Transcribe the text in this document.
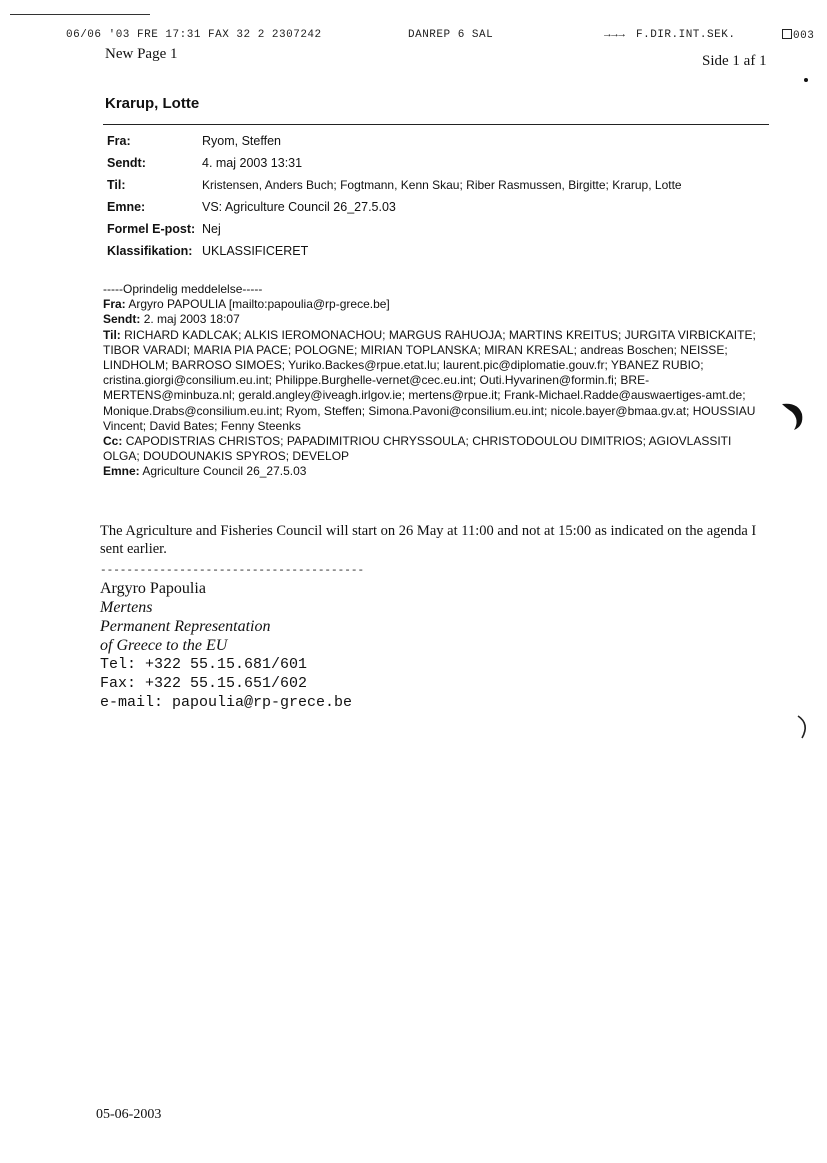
06/06 '03 FRE 17:31 FAX 32 2 2307242	DANREP 6 SAL	→→→ F.DIR.INT.SEK.	003
New Page 1	Side 1 af 1
Krarup, Lotte
Fra:	Ryom, Steffen
Sendt:	4. maj 2003 13:31
Til:	Kristensen, Anders Buch; Fogtmann, Kenn Skau; Riber Rasmussen, Birgitte; Krarup, Lotte
Emne:	VS: Agriculture Council 26_27.5.03
Formel E-post: Nej
Klassifikation: UKLASSIFICERET

-----Oprindelig meddelelse-----

Fra: Argyro PAPOULIA [mailto:papoulia@rp-grece.be]

Sendt: 2. maj 2003 18:07

Til: RICHARD KADLCAK; ALKIS IEROMONACHOU; MARGUS RAHUOJA; MARTINS KREITUS; JURGITA VIRBICKAITE; TIBOR VARADI; MARIA PIA PACE; POLOGNE; MIRIAN TOPLANSKA; MIRAN KRESAL; andreas Boschen; NEISSE; LINDHOLM; BARROSO SIMOES; Yuriko.Backes@rpue.etat.lu; laurent.pic@diplomatie.gouv.fr; YBANEZ RUBIO; cristina.giorgi@consilium.eu.int; Philippe.Burghelle-vernet@cec.eu.int; Outi.Hyvarinen@formin.fi; BRE-MERTENS@minbuza.nl; gerald.angley@iveagh.irlgov.ie; mertens@rpue.it; Frank-Michael.Radde@auswaertiges-amt.de; Monique.Drabs@consilium.eu.int; Ryom, Steffen; Simona.Pavoni@consilium.eu.int; nicole.bayer@bmaa.gv.at; HOUSSIAU Vincent; David Bates; Fenny Steenks

Cc: CAPODISTRIAS CHRISTOS; PAPADIMITRIOU CHRYSSOULA; CHRISTODOULOU DIMITRIOS; AGIOVLASSITI OLGA; DOUDOUNAKIS SPYROS; DEVELOP

Emne: Agriculture Council 26_27.5.03

The Agriculture and Fisheries Council will start on 26 May at 11:00 and not at 15:00 as indicated on the agenda I sent earlier.
----------------------------------------
Argyro Papoulia
Mertens
Permanent Representation
of Greece to the EU
Tel: +322 55.15.681/601
Fax: +322 55.15.651/602
e-mail: papoulia@rp-grece.be
05-06-2003
